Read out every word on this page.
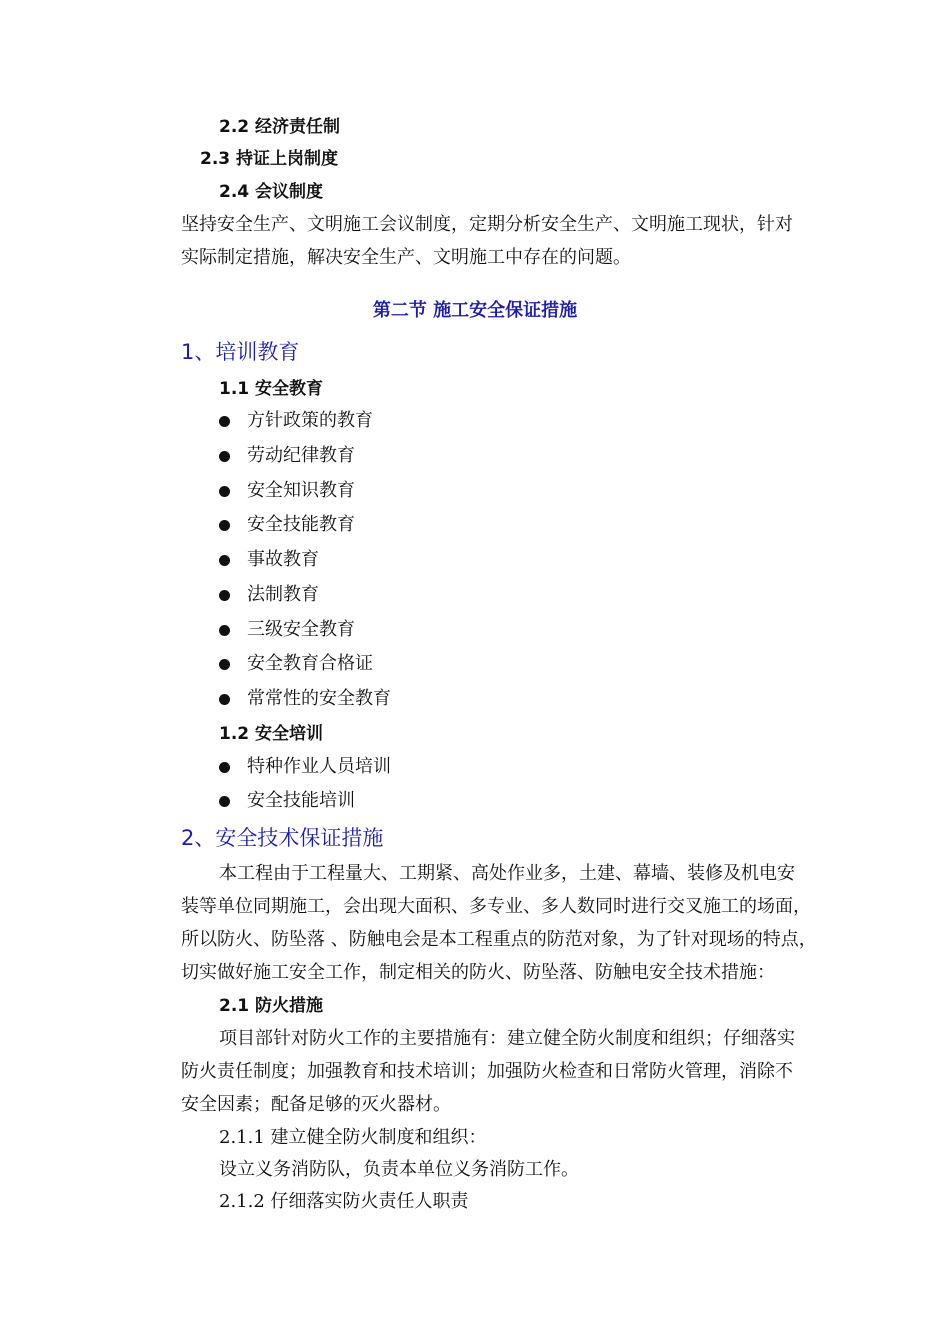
2.2 经济责任制
2.3 持证上岗制度
2.4 会议制度
坚持安全生产、文明施工会议制度，定期分析安全生产、文明施工现状，针对
实际制定措施，解决安全生产、文明施工中存在的问题。
第二节 施工安全保证措施
1、培训教育
1.1 安全教育
方针政策的教育
劳动纪律教育
安全知识教育
安全技能教育
事故教育
法制教育
三级安全教育
安全教育合格证
常常性的安全教育
1.2 安全培训
特种作业人员培训
安全技能培训
2、安全技术保证措施
本工程由于工程量大、工期紧、高处作业多，土建、幕墙、装修及机电安
装等单位同期施工，会出现大面积、多专业、多人数同时进行交叉施工的场面，
所以防火、防坠落 、防触电会是本工程重点的防范对象，为了针对现场的特点，
切实做好施工安全工作，制定相关的防火、防坠落、防触电安全技术措施：
2.1 防火措施
项目部针对防火工作的主要措施有：建立健全防火制度和组织；仔细落实
防火责任制度；加强教育和技术培训；加强防火检查和日常防火管理，消除不
安全因素；配备足够的灭火器材。
2.1.1 建立健全防火制度和组织：
设立义务消防队，负责本单位义务消防工作。
2.1.2 仔细落实防火责任人职责
